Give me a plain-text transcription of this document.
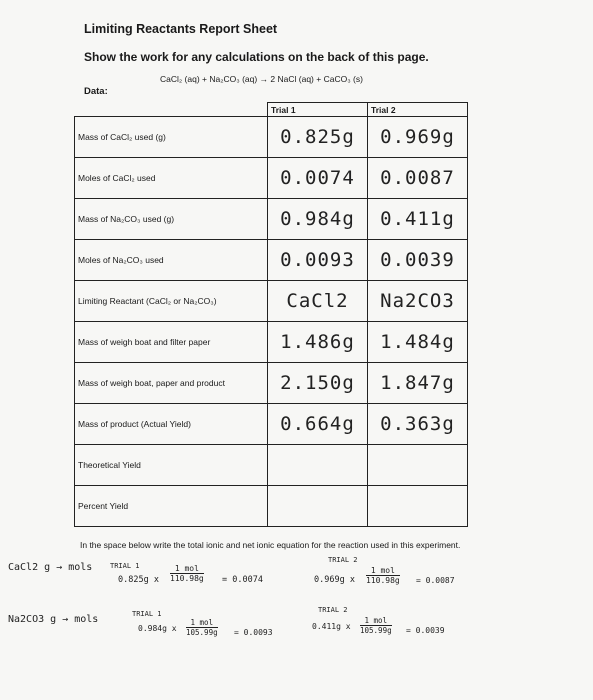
Limiting Reactants Report Sheet
Show the work for any calculations on the back of this page.
CaCl₂ (aq) + Na₂CO₃ (aq) → 2 NaCl (aq) + CaCO₃ (s)
Data:
	Trial 1	Trial 2
Mass of CaCl₂ used (g)	0.825g	0.969g
Moles of CaCl₂ used	0.0074	0.0087
Mass of Na₂CO₃ used (g)	0.984g	0.411g
Moles of Na₂CO₃ used	0.0093	0.0039
Limiting Reactant (CaCl₂ or Na₂CO₃)	CaCl2	Na2CO3
Mass of weigh boat and filter paper	1.486g	1.484g
Mass of weigh boat, paper and product	2.150g	1.847g
Mass of product (Actual Yield)	0.664g	0.363g
Theoretical Yield		
Percent Yield		
In the space below write the total ionic and net ionic equation for the reaction used in this experiment.
CaCl2 g → mols	TRIAL 1
TRIAL 2
0.825g x
1 mol
110.98g = 0.0074	0.969g x
1 mol
110.98g = 0.0087
Na2CO3 g → mols	TRIAL 1	TRIAL 2
0.984g x
1 mol
105.99g = 0.0093
0.411g x
1 mol
105.99g = 0.0039
